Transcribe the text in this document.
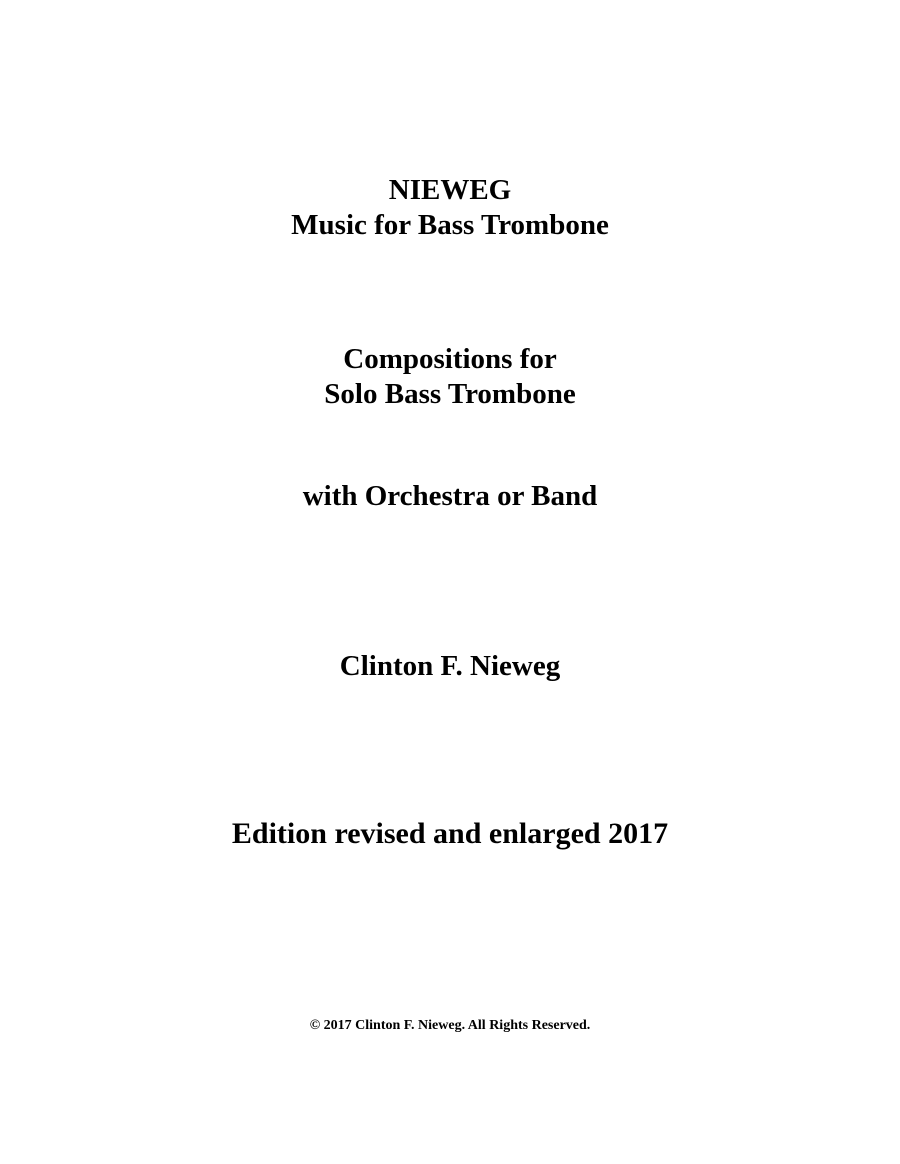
NIEWEG
Music for Bass Trombone
Compositions for
Solo Bass Trombone
with Orchestra or Band
Clinton F. Nieweg
Edition revised and enlarged 2017
© 2017 Clinton F. Nieweg. All Rights Reserved.
